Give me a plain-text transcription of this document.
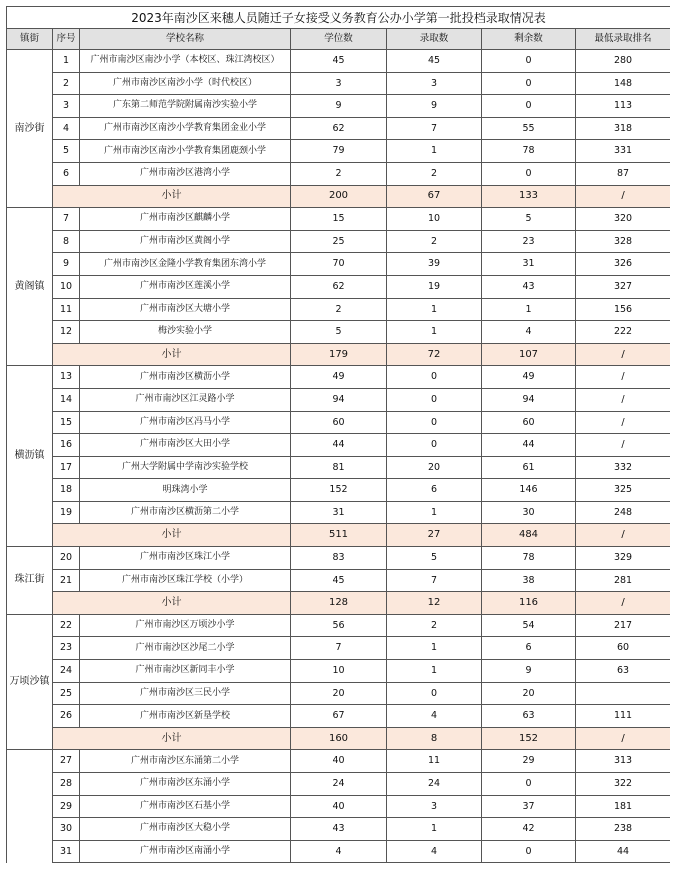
2023年南沙区来穗人员随迁子女接受义务教育公办小学第一批投档录取情况表						
镇街	序号	学校名称	学位数	录取数	剩余数	最低录取排名
南沙街	1	广州市南沙区南沙小学（本校区、珠江湾校区）	45	45	0	280
	2	广州市南沙区南沙小学（时代校区）	3	3	0	148
	3	广东第二师范学院附属南沙实验小学	9	9	0	113
	4	广州市南沙区南沙小学教育集团金业小学	62	7	55	318
	5	广州市南沙区南沙小学教育集团鹿颈小学	79	1	78	331
	6	广州市南沙区港湾小学	2	2	0	87
	小计		200	67	133	/
黄阁镇	7	广州市南沙区麒麟小学	15	10	5	320
	8	广州市南沙区黄阁小学	25	2	23	328
	9	广州市南沙区金隆小学教育集团东湾小学	70	39	31	326
	10	广州市南沙区莲溪小学	62	19	43	327
	11	广州市南沙区大塘小学	2	1	1	156
	12	梅沙实验小学	5	1	4	222
	小计		179	72	107	/
横沥镇	13	广州市南沙区横沥小学	49	0	49	/
	14	广州市南沙区江灵路小学	94	0	94	/
	15	广州市南沙区冯马小学	60	0	60	/
	16	广州市南沙区大田小学	44	0	44	/
	17	广州大学附属中学南沙实验学校	81	20	61	332
	18	明珠湾小学	152	6	146	325
	19	广州市南沙区横沥第二小学	31	1	30	248
	小计		511	27	484	/
珠江街	20	广州市南沙区珠江小学	83	5	78	329
	21	广州市南沙区珠江学校（小学）	45	7	38	281
	小计		128	12	116	/
万顷沙镇	22	广州市南沙区万顷沙小学	56	2	54	217
	23	广州市南沙区沙尾二小学	7	1	6	60
	24	广州市南沙区新同丰小学	10	1	9	63
	25	广州市南沙区三民小学	20	0	20	
	26	广州市南沙区新垦学校	67	4	63	111
	小计		160	8	152	/
	27	广州市南沙区东涌第二小学	40	11	29	313
	28	广州市南沙区东涌小学	24	24	0	322
	29	广州市南沙区石基小学	40	3	37	181
	30	广州市南沙区大稳小学	43	1	42	238
	31	广州市南沙区南涌小学	4	4	0	44
